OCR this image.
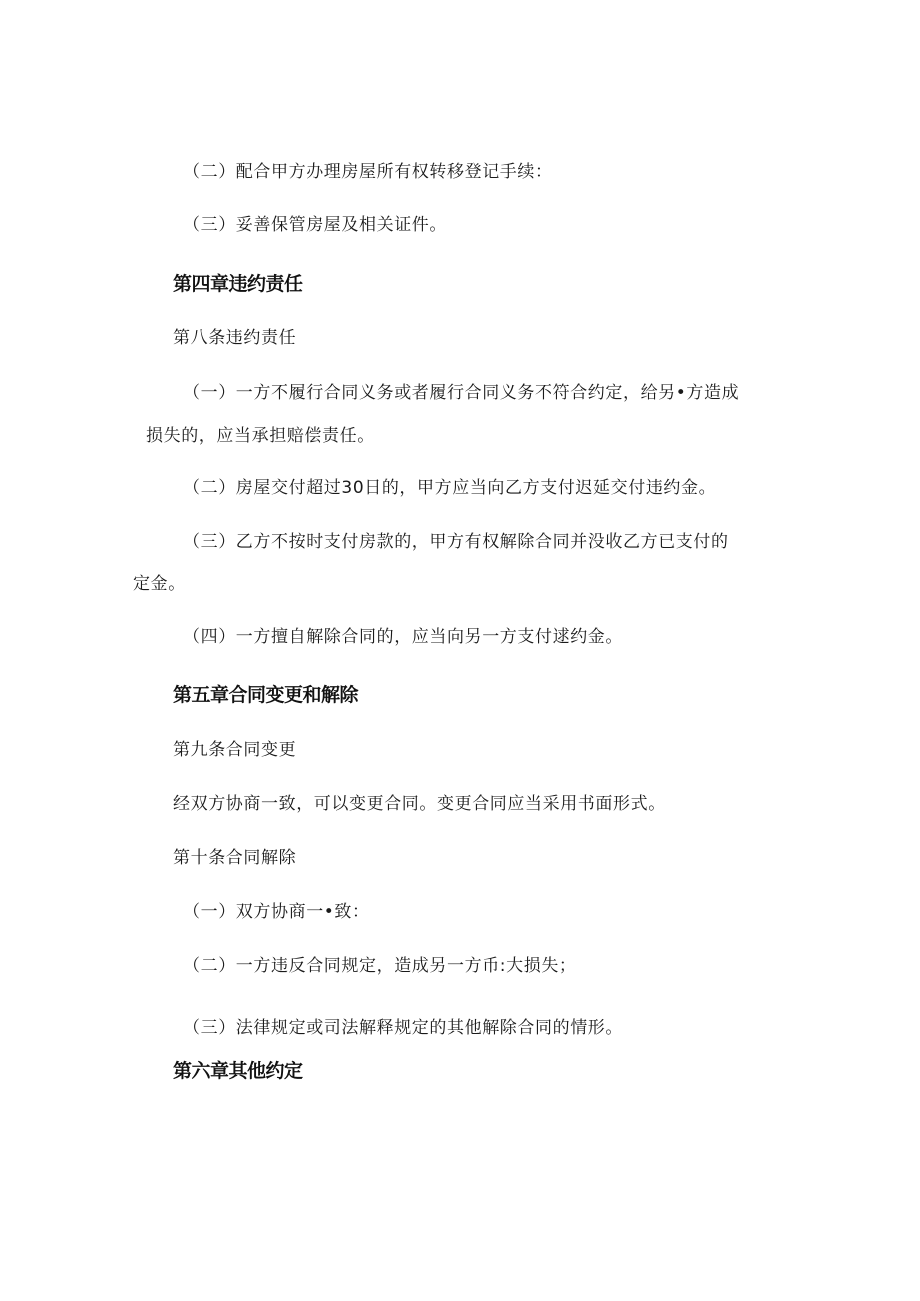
（二）配合甲方办理房屋所有权转移登记手续：
（三）妥善保管房屋及相关证件。
第四章违约责任
第八条违约责任
（一）一方不履行合同义务或者履行合同义务不符合约定，给另•方造成
损失的，应当承担赔偿责任。
（二）房屋交付超过30日的，甲方应当向乙方支付迟延交付违约金。
（三）乙方不按时支付房款的，甲方有权解除合同并没收乙方已支付的
定金。
（四）一方擅自解除合同的，应当向另一方支付逑约金。
第五章合同变更和解除
第九条合同变更
经双方协商一致，可以变更合同。变更合同应当采用书面形式。
第十条合同解除
（一）双方协商一•致：
（二）一方违反合同规定，造成另一方币:大损失；
（三）法律规定或司法解释规定的其他解除合同的情形。
第六章其他约定
